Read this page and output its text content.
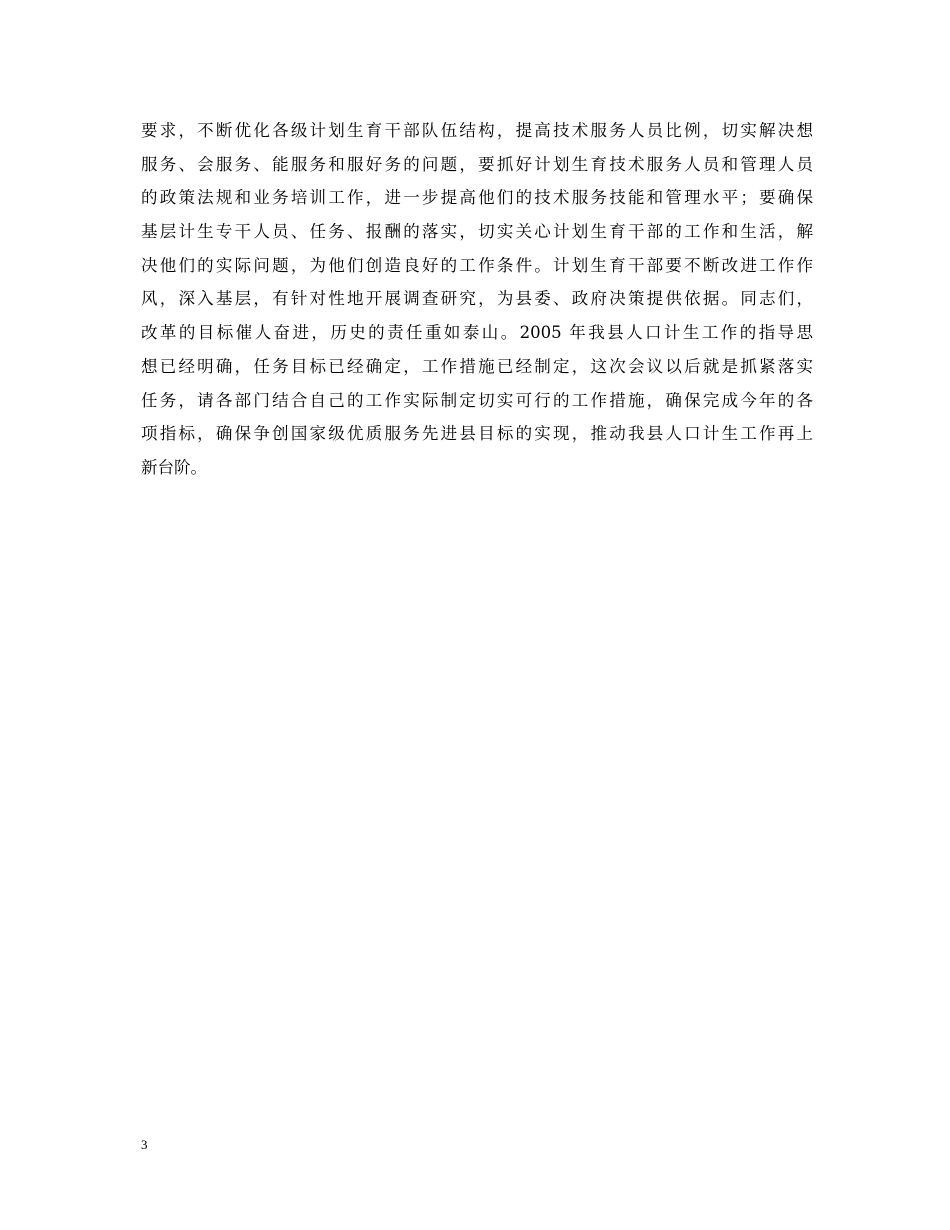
要求，不断优化各级计划生育干部队伍结构，提高技术服务人员比例，切实解决想
服务、会服务、能服务和服好务的问题，要抓好计划生育技术服务人员和管理人员
的政策法规和业务培训工作，进一步提高他们的技术服务技能和管理水平；要确保
基层计生专干人员、任务、报酬的落实，切实关心计划生育干部的工作和生活，解
决他们的实际问题，为他们创造良好的工作条件。计划生育干部要不断改进工作作
风，深入基层，有针对性地开展调查研究，为县委、政府决策提供依据。同志们，
改革的目标催人奋进，历史的责任重如泰山。2005 年我县人口计生工作的指导思
想已经明确，任务目标已经确定，工作措施已经制定，这次会议以后就是抓紧落实
任务，请各部门结合自己的工作实际制定切实可行的工作措施，确保完成今年的各
项指标，确保争创国家级优质服务先进县目标的实现，推动我县人口计生工作再上
新台阶。
3
